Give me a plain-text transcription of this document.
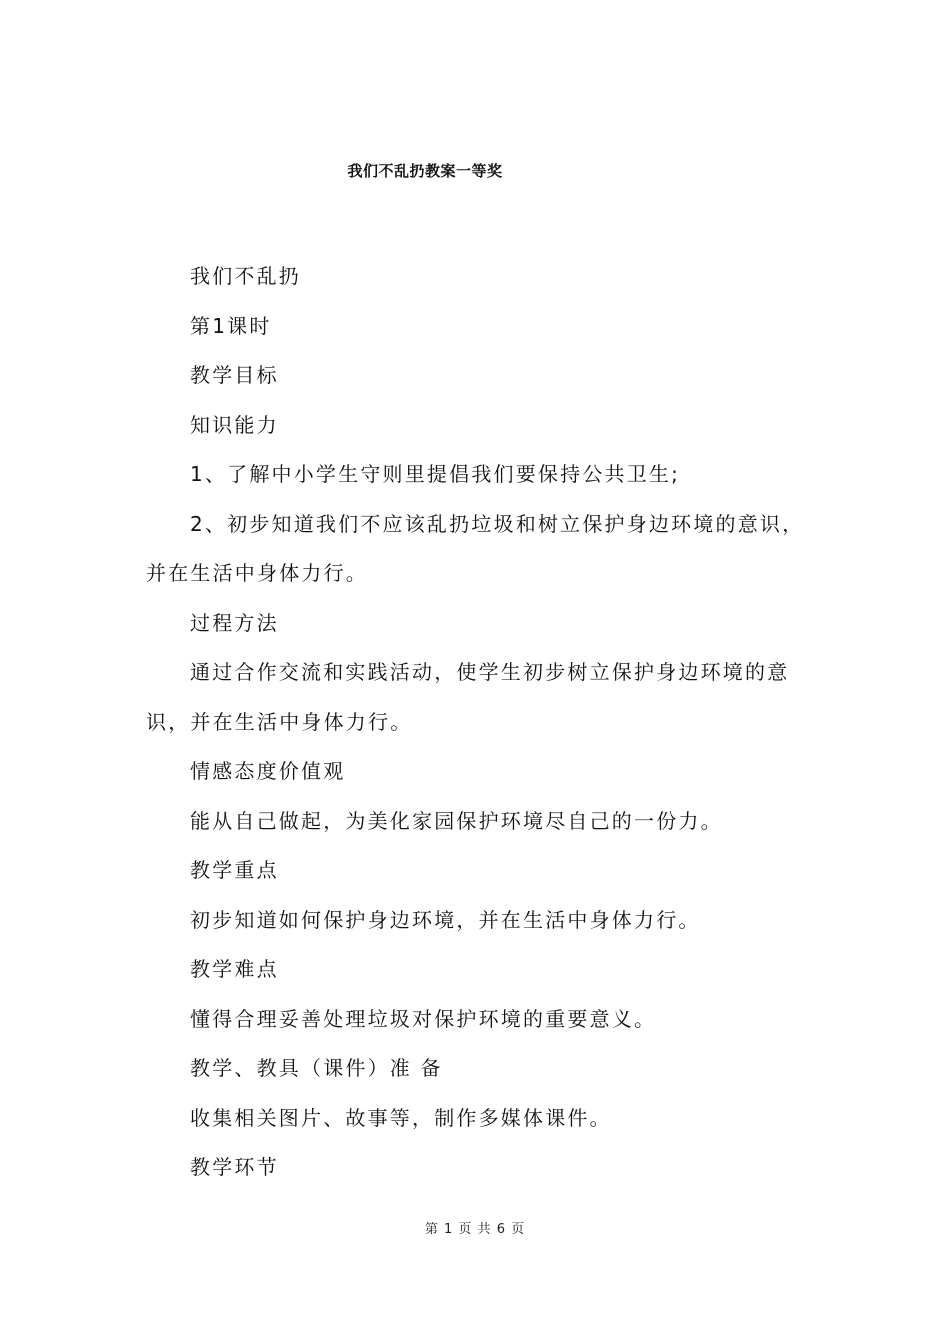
我们不乱扔教案一等奖

我们不乱扔

第1课时

教学目标

知识能力

1、了解中小学生守则里提倡我们要保持公共卫生;

2、初步知道我们不应该乱扔垃圾和树立保护身边环境的意识，并在生活中身体力行。

过程方法

通过合作交流和实践活动，使学生初步树立保护身边环境的意识，并在生活中身体力行。

情感态度价值观

能从自己做起，为美化家园保护环境尽自己的一份力。

教学重点

初步知道如何保护身边环境，并在生活中身体力行。

教学难点

懂得合理妥善处理垃圾对保护环境的重要意义。

教学、教具（课件）准 备

收集相关图片、故事等，制作多媒体课件。

教学环节

第 1 页 共 6 页
